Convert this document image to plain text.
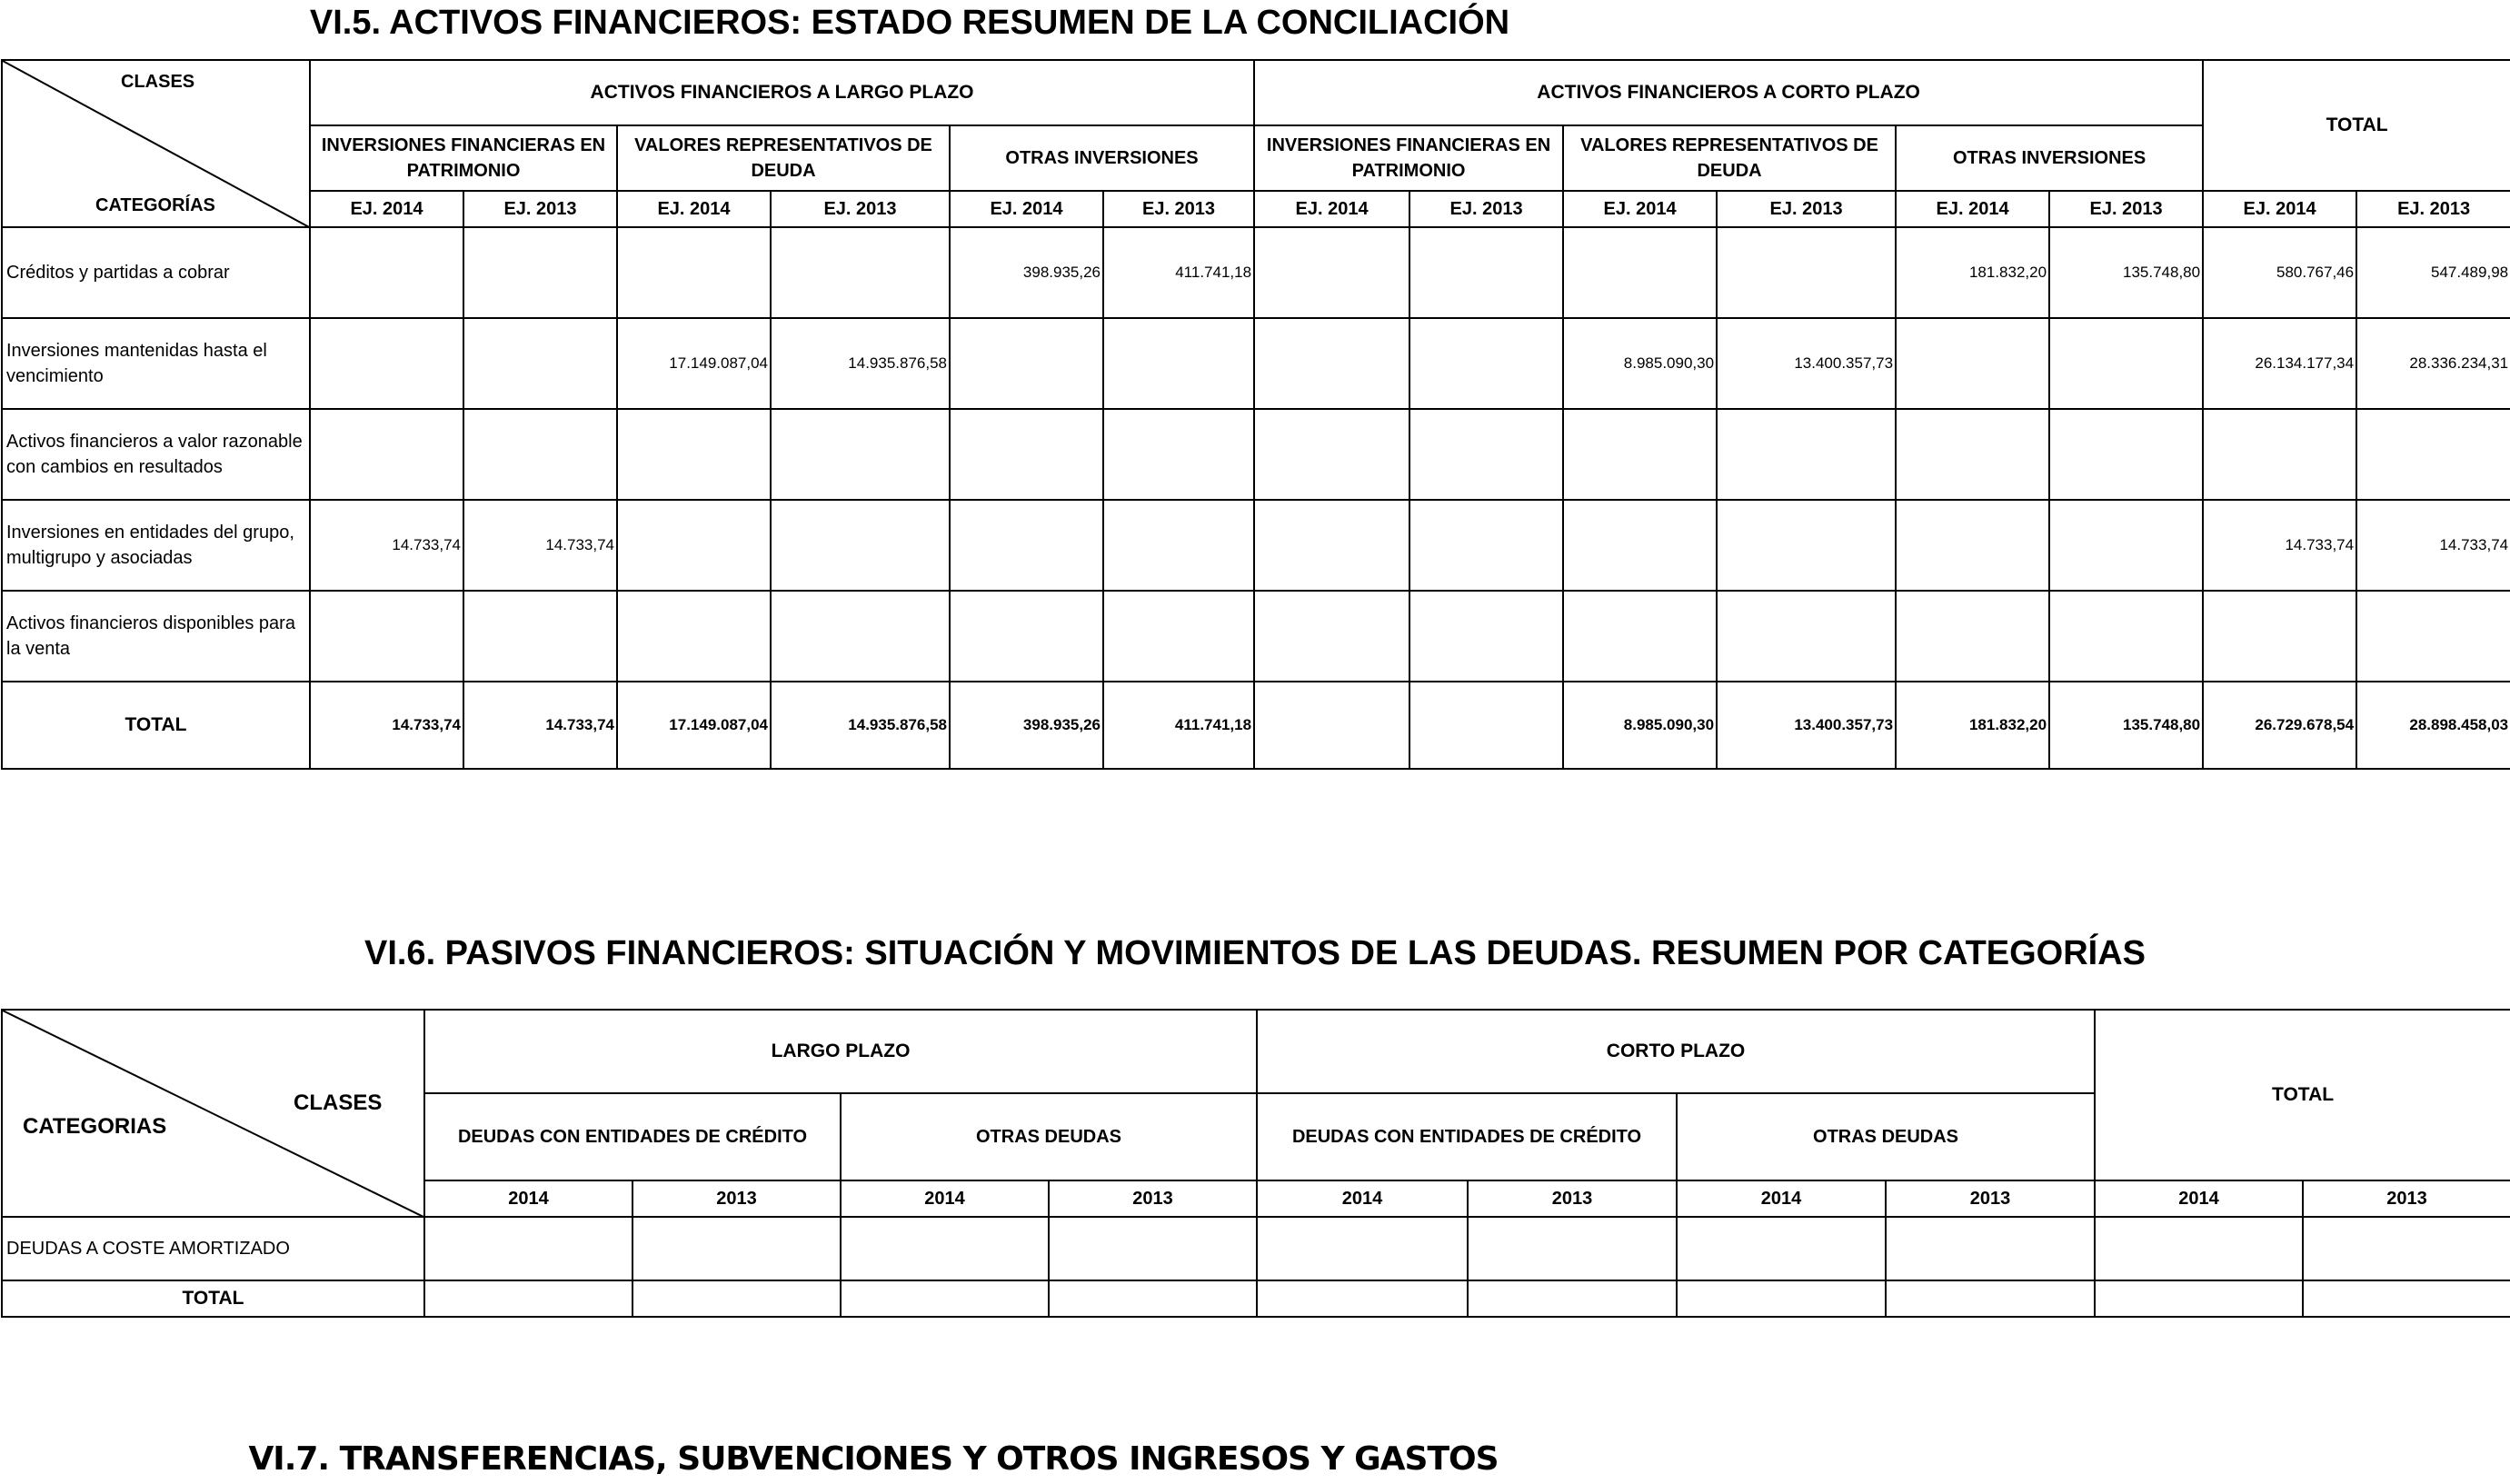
VI.5. ACTIVOS FINANCIEROS: ESTADO RESUMEN DE LA CONCILIACIÓN
CLASES
CATEGORÍAS	ACTIVOS FINANCIEROS A LARGO PLAZO						ACTIVOS FINANCIEROS A CORTO PLAZO						TOTAL	
	INVERSIONES FINANCIERAS EN PATRIMONIO		VALORES REPRESENTATIVOS DE DEUDA		OTRAS INVERSIONES		INVERSIONES FINANCIERAS EN PATRIMONIO		VALORES REPRESENTATIVOS DE DEUDA		OTRAS INVERSIONES			
	EJ. 2014	EJ. 2013	EJ. 2014	EJ. 2013	EJ. 2014	EJ. 2013	EJ. 2014	EJ. 2013	EJ. 2014	EJ. 2013	EJ. 2014	EJ. 2013	EJ. 2014	EJ. 2013
Créditos y partidas a cobrar					398.935,26	411.741,18					181.832,20	135.748,80	580.767,46	547.489,98
Inversiones mantenidas hasta el vencimiento			17.149.087,04	14.935.876,58					8.985.090,30	13.400.357,73			26.134.177,34	28.336.234,31
Activos financieros a valor razonable con cambios en resultados														
Inversiones en entidades del grupo, multigrupo y asociadas	14.733,74	14.733,74											14.733,74	14.733,74
Activos financieros disponibles para la venta														
TOTAL	14.733,74	14.733,74	17.149.087,04	14.935.876,58	398.935,26	411.741,18			8.985.090,30	13.400.357,73	181.832,20	135.748,80	26.729.678,54	28.898.458,03
VI.6. PASIVOS FINANCIEROS: SITUACIÓN Y MOVIMIENTOS DE LAS DEUDAS. RESUMEN POR CATEGORÍAS
CLASES
CATEGORIAS	LARGO PLAZO				CORTO PLAZO				TOTAL	
	DEUDAS CON ENTIDADES DE CRÉDITO		OTRAS DEUDAS		DEUDAS CON ENTIDADES DE CRÉDITO		OTRAS DEUDAS			
	2014	2013	2014	2013	2014	2013	2014	2013	2014	2013
DEUDAS A COSTE AMORTIZADO										
TOTAL										
VI.7. TRANSFERENCIAS, SUBVENCIONES Y OTROS INGRESOS Y GASTOS
